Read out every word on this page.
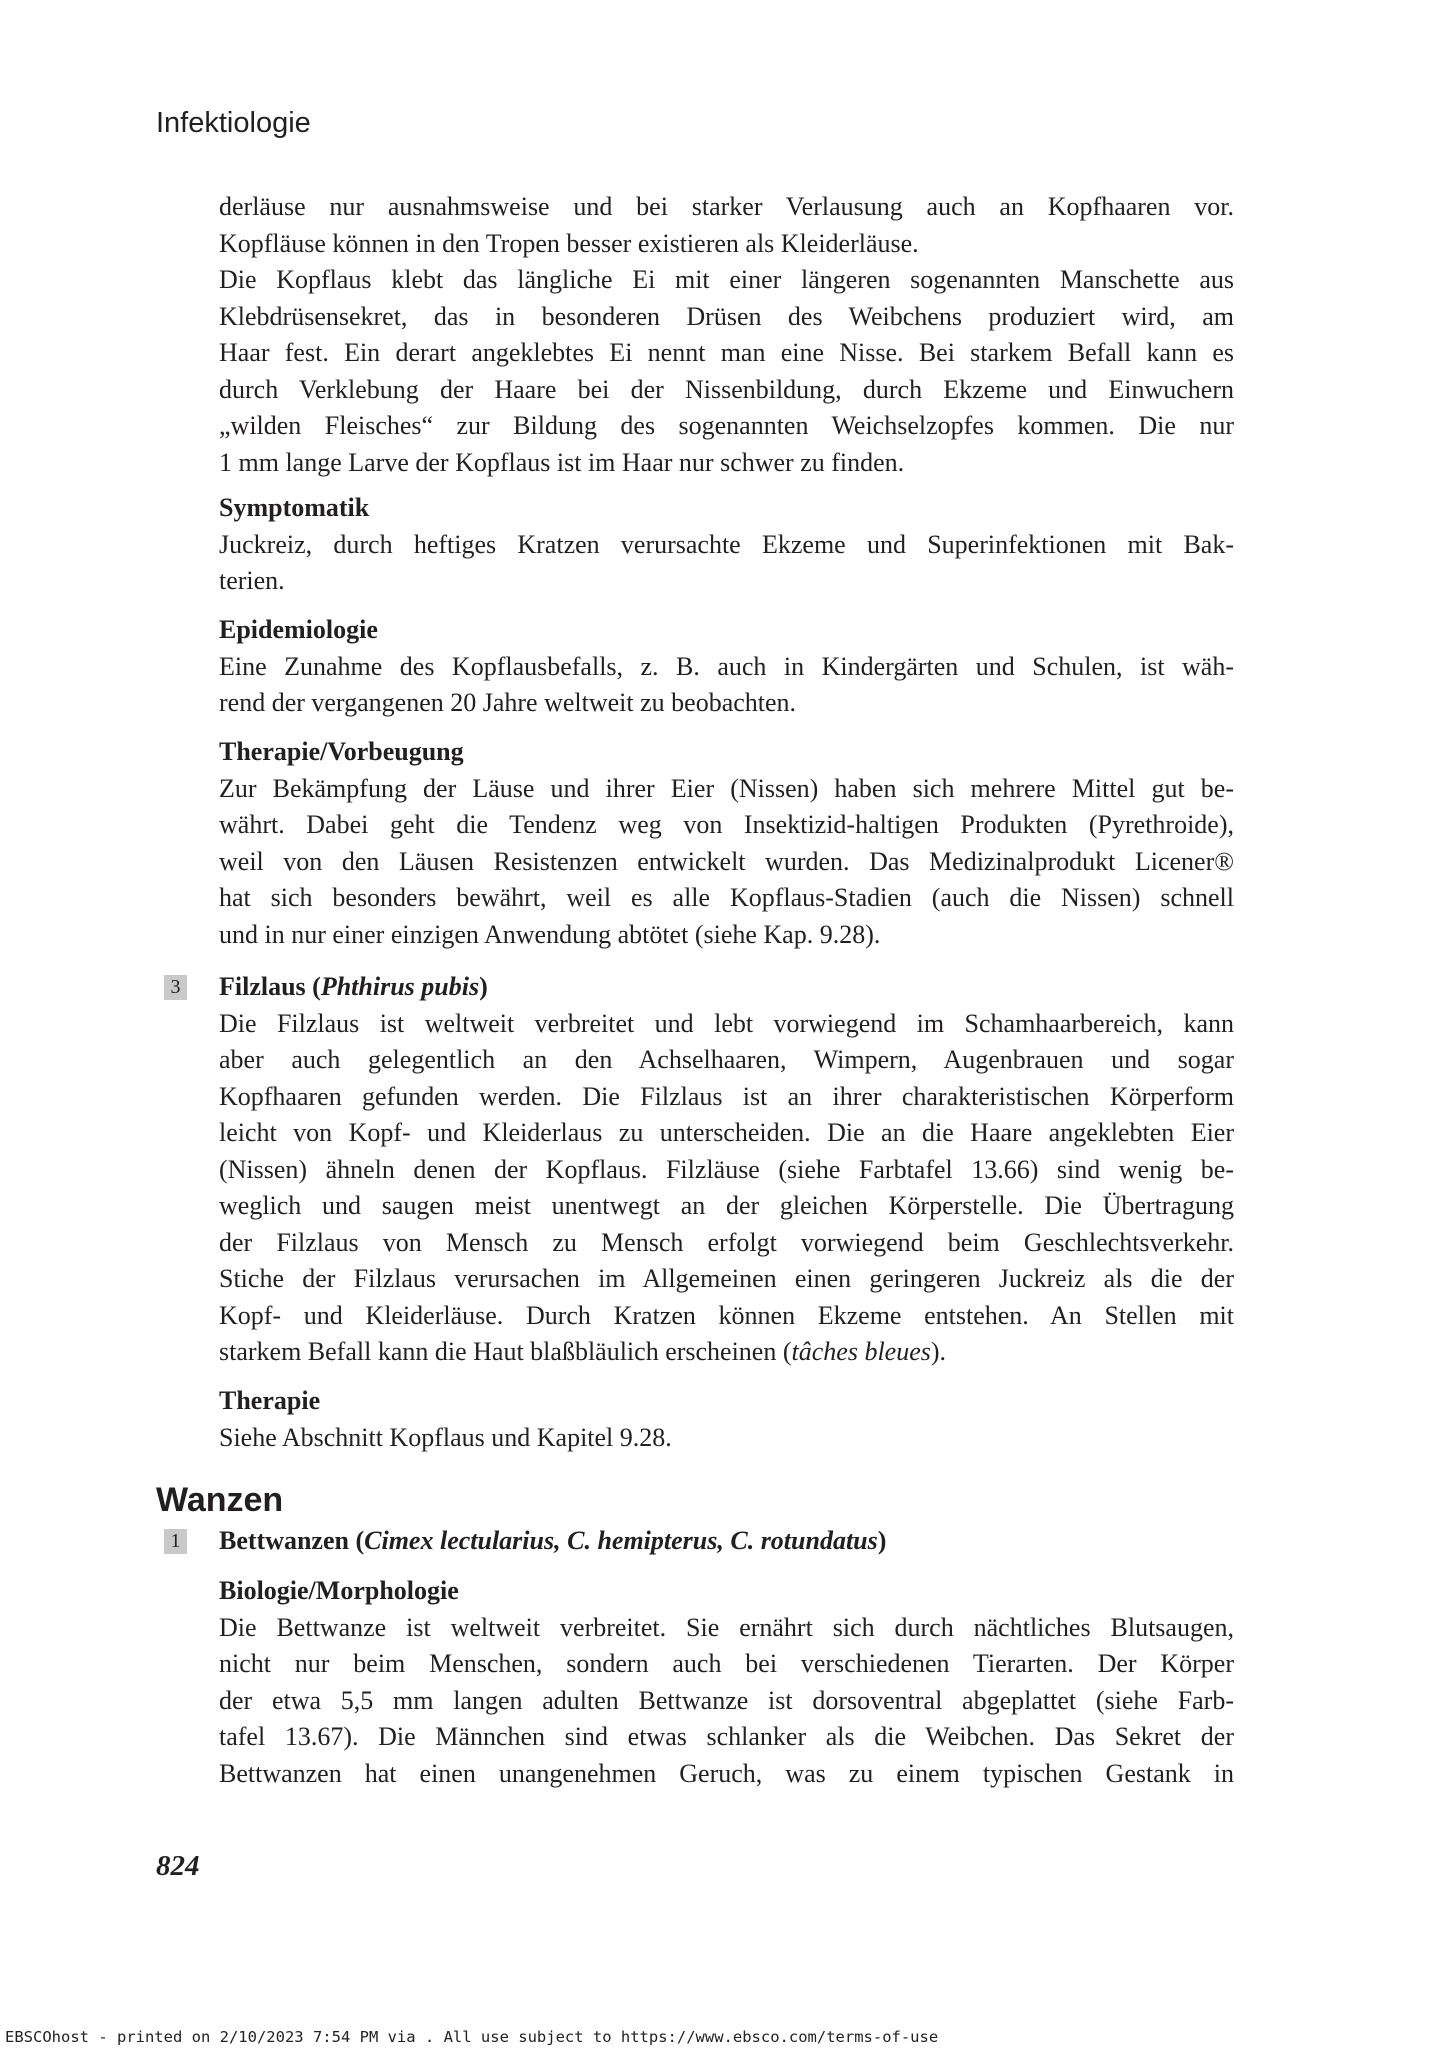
Infektiologie
derläuse nur ausnahmsweise und bei starker Verlausung auch an Kopfhaaren vor.
Kopfläuse können in den Tropen besser existieren als Kleiderläuse.
Die Kopflaus klebt das längliche Ei mit einer längeren sogenannten Manschette aus
Klebdrüsensekret, das in besonderen Drüsen des Weibchens produziert wird, am
Haar fest. Ein derart angeklebtes Ei nennt man eine Nisse. Bei starkem Befall kann es
durch Verklebung der Haare bei der Nissenbildung, durch Ekzeme und Einwuchern
„wilden Fleisches“ zur Bildung des sogenannten Weichselzopfes kommen. Die nur
1 mm lange Larve der Kopflaus ist im Haar nur schwer zu finden.
Symptomatik
Juckreiz, durch heftiges Kratzen verursachte Ekzeme und Superinfektionen mit Bak-
terien.
Epidemiologie
Eine Zunahme des Kopflausbefalls, z. B. auch in Kindergärten und Schulen, ist wäh-
rend der vergangenen 20 Jahre weltweit zu beobachten.
Therapie/Vorbeugung
Zur Bekämpfung der Läuse und ihrer Eier (Nissen) haben sich mehrere Mittel gut be-
währt. Dabei geht die Tendenz weg von Insektizid-haltigen Produkten (Pyrethroide),
weil von den Läusen Resistenzen entwickelt wurden. Das Medizinalprodukt Licener®
hat sich besonders bewährt, weil es alle Kopflaus-Stadien (auch die Nissen) schnell
und in nur einer einzigen Anwendung abtötet (siehe Kap. 9.28).
3 Filzlaus (Phthirus pubis)
Die Filzlaus ist weltweit verbreitet und lebt vorwiegend im Schamhaarbereich, kann
aber auch gelegentlich an den Achselhaaren, Wimpern, Augenbrauen und sogar
Kopfhaaren gefunden werden. Die Filzlaus ist an ihrer charakteristischen Körperform
leicht von Kopf- und Kleiderlaus zu unterscheiden. Die an die Haare angeklebten Eier
(Nissen) ähneln denen der Kopflaus. Filzläuse (siehe Farbtafel 13.66) sind wenig be-
weglich und saugen meist unentwegt an der gleichen Körperstelle. Die Übertragung
der Filzlaus von Mensch zu Mensch erfolgt vorwiegend beim Geschlechtsverkehr.
Stiche der Filzlaus verursachen im Allgemeinen einen geringeren Juckreiz als die der
Kopf- und Kleiderläuse. Durch Kratzen können Ekzeme entstehen. An Stellen mit
starkem Befall kann die Haut blaßbläulich erscheinen (tâches bleues).
Therapie
Siehe Abschnitt Kopflaus und Kapitel 9.28.
Wanzen
1 Bettwanzen (Cimex lectularius, C. hemipterus, C. rotundatus)
Biologie/Morphologie
Die Bettwanze ist weltweit verbreitet. Sie ernährt sich durch nächtliches Blutsaugen,
nicht nur beim Menschen, sondern auch bei verschiedenen Tierarten. Der Körper
der etwa 5,5 mm langen adulten Bettwanze ist dorsoventral abgeplattet (siehe Farb-
tafel 13.67). Die Männchen sind etwas schlanker als die Weibchen. Das Sekret der
Bettwanzen hat einen unangenehmen Geruch, was zu einem typischen Gestank in
824
EBSCOhost - printed on 2/10/2023 7:54 PM via . All use subject to https://www.ebsco.com/terms-of-use
